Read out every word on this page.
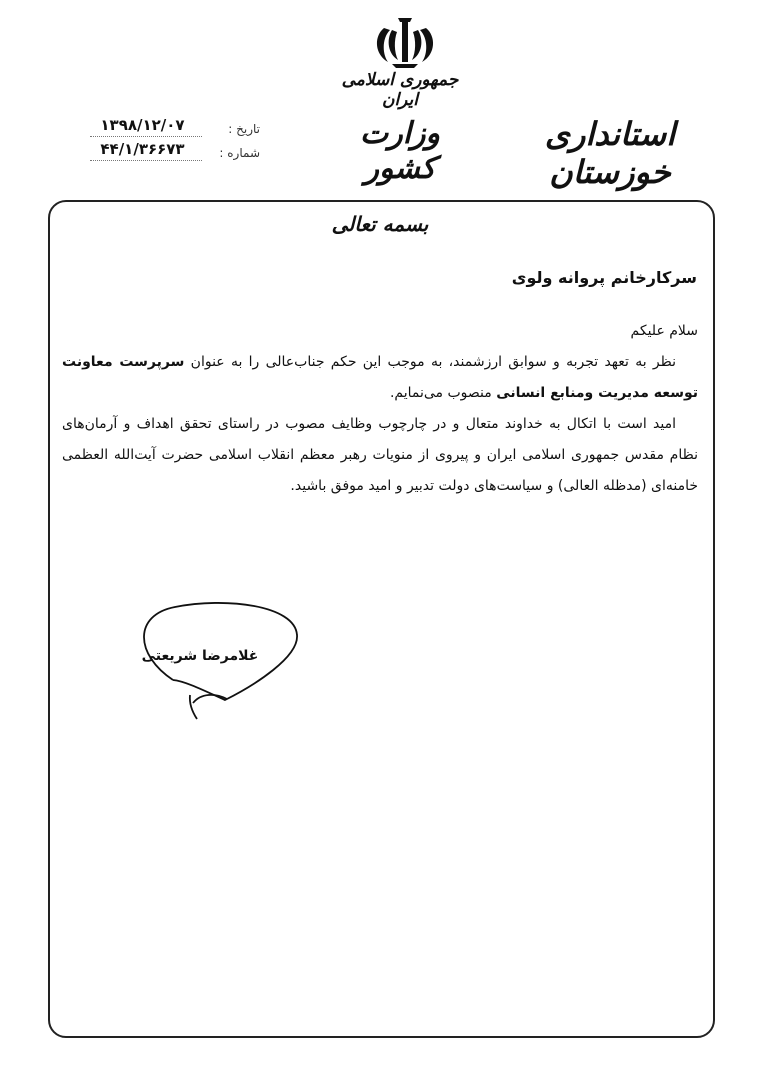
جمهوری اسلامی ایران
وزارت کشور
استانداری خوزستان
تاریخ :
۱۳۹۸/۱۲/۰۷
شماره :
۴۴/۱/۳۶۶۷۳
بسمه تعالی
سرکارخانم پروانه ولوی

سلام علیکم

نظر به تعهد تجربه و سوابق ارزشمند، به موجب این حکم جناب‌عالی را به عنوان سرپرست معاونت توسعه مدیریت ومنابع انسانی منصوب می‌نمایم.

امید است با اتکال به خداوند متعال و در چارچوب وظایف مصوب در راستای تحقق اهداف و آرمان‌های نظام مقدس جمهوری اسلامی ایران و پیروی از منویات رهبر معظم انقلاب اسلامی حضرت آیت‌الله العظمی خامنه‌ای (مدظله العالی) و سیاست‌های دولت تدبیر و امید موفق باشید.

غلامرضا شریعتی
